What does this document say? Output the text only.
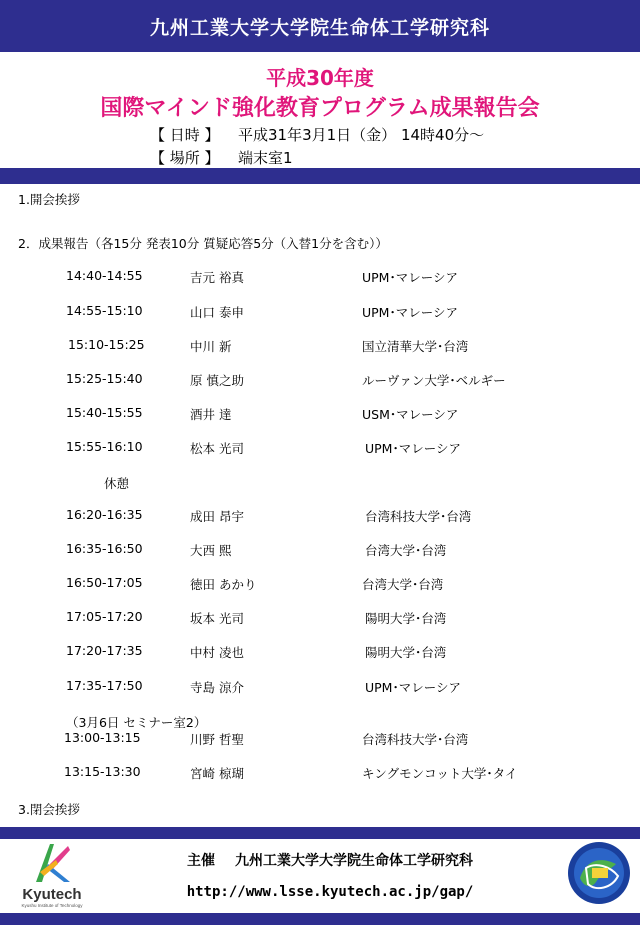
九州工業大学大学院生命体工学研究科
平成30年度
国際マインド強化教育プログラム成果報告会
【 日時 】 平成31年3月1日（金） 14時40分～
【 場所 】 端末室1
1.開会挨拶
2．成果報告（各15分 発表10分 質疑応答5分（入替1分を含む））
14:40-14:55	吉元 裕真	UPM･マレーシア
14:55-15:10	山口 泰申	UPM･マレーシア
15:10-15:25	中川 新	国立清華大学･台湾
15:25-15:40	原 慎之助	ルーヴァン大学･ベルギー
15:40-15:55	酒井 達	USM･マレーシア
15:55-16:10	松本 光司	UPM･マレーシア
休憩
16:20-16:35	成田 昂宇	台湾科技大学･台湾
16:35-16:50	大西 熙	台湾大学･台湾
16:50-17:05	徳田 あかり	台湾大学･台湾
17:05-17:20	坂本 光司	陽明大学･台湾
17:20-17:35	中村 凌也	陽明大学･台湾
17:35-17:50	寺島 涼介	UPM･マレーシア
（3月6日 セミナー室2）
13:00-13:15	川野 哲聖	台湾科技大学･台湾
13:15-13:30	宮崎 椋瑚	キングモンコット大学･タイ
3.閉会挨拶
Kyutech
Kyushu Institute of Technology
主催 九州工業大学大学院生命体工学研究科
http://www.lsse.kyutech.ac.jp/gap/
